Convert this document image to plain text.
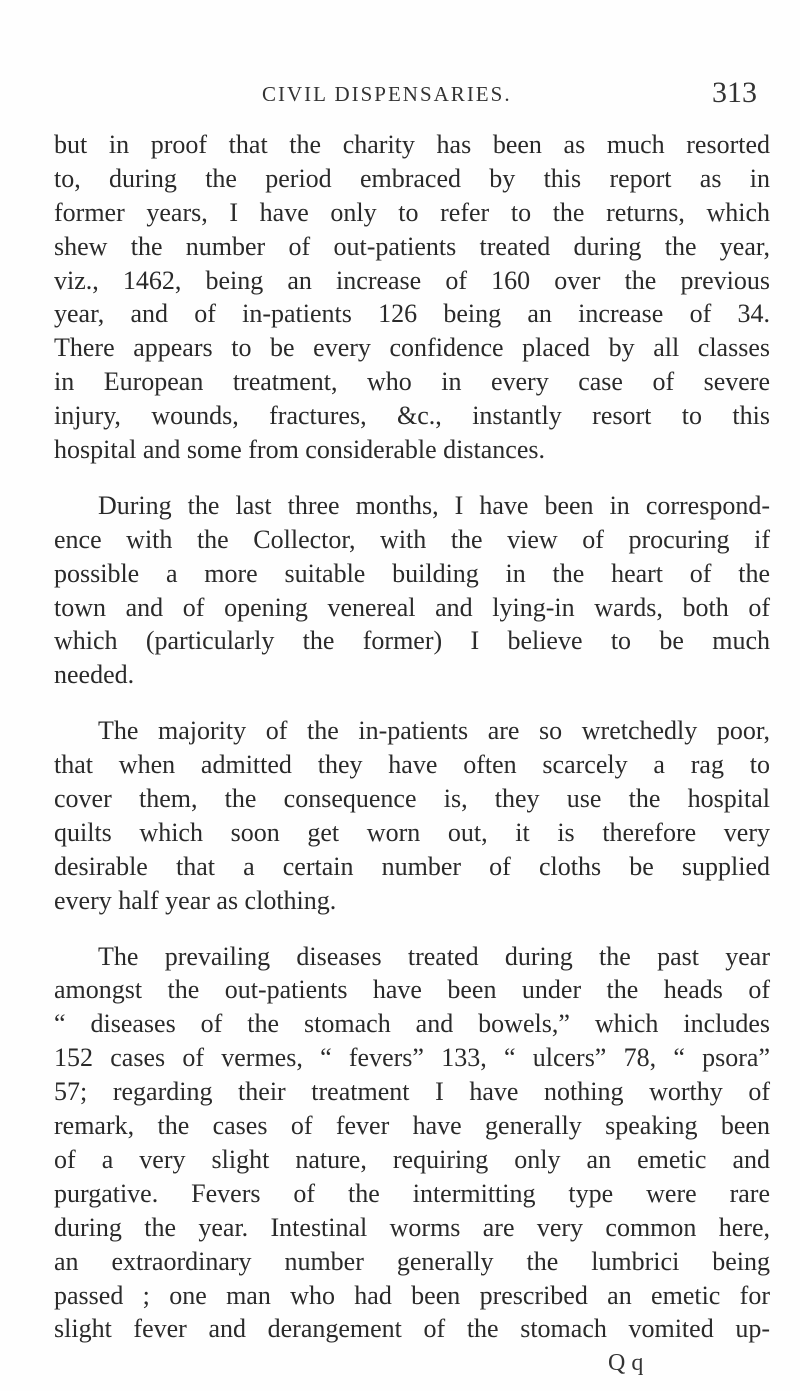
CIVIL DISPENSARIES.	313
but in proof that the charity has been as much resorted
to, during the period embraced by this report as in
former years, I have only to refer to the returns, which
shew the number of out-patients treated during the year,
viz., 1462, being an increase of 160 over the previous
year, and of in-patients 126 being an increase of 34.
There appears to be every confidence placed by all classes
in European treatment, who in every case of severe
injury, wounds, fractures, &c., instantly resort to this
hospital and some from considerable distances.
During the last three months, I have been in correspond-
ence with the Collector, with the view of procuring if
possible a more suitable building in the heart of the
town and of opening venereal and lying-in wards, both of
which (particularly the former) I believe to be much
needed.
The majority of the in-patients are so wretchedly poor,
that when admitted they have often scarcely a rag to
cover them, the consequence is, they use the hospital
quilts which soon get worn out, it is therefore very
desirable that a certain number of cloths be supplied
every half year as clothing.
The prevailing diseases treated during the past year
amongst the out-patients have been under the heads of
“ diseases of the stomach and bowels,” which includes
152 cases of vermes, “ fevers” 133, “ ulcers” 78, “ psora”
57; regarding their treatment I have nothing worthy of
remark, the cases of fever have generally speaking been
of a very slight nature, requiring only an emetic and
purgative. Fevers of the intermitting type were rare
during the year. Intestinal worms are very common here,
an extraordinary number generally the lumbrici being
passed ; one man who had been prescribed an emetic for
slight fever and derangement of the stomach vomited up-
Q q
